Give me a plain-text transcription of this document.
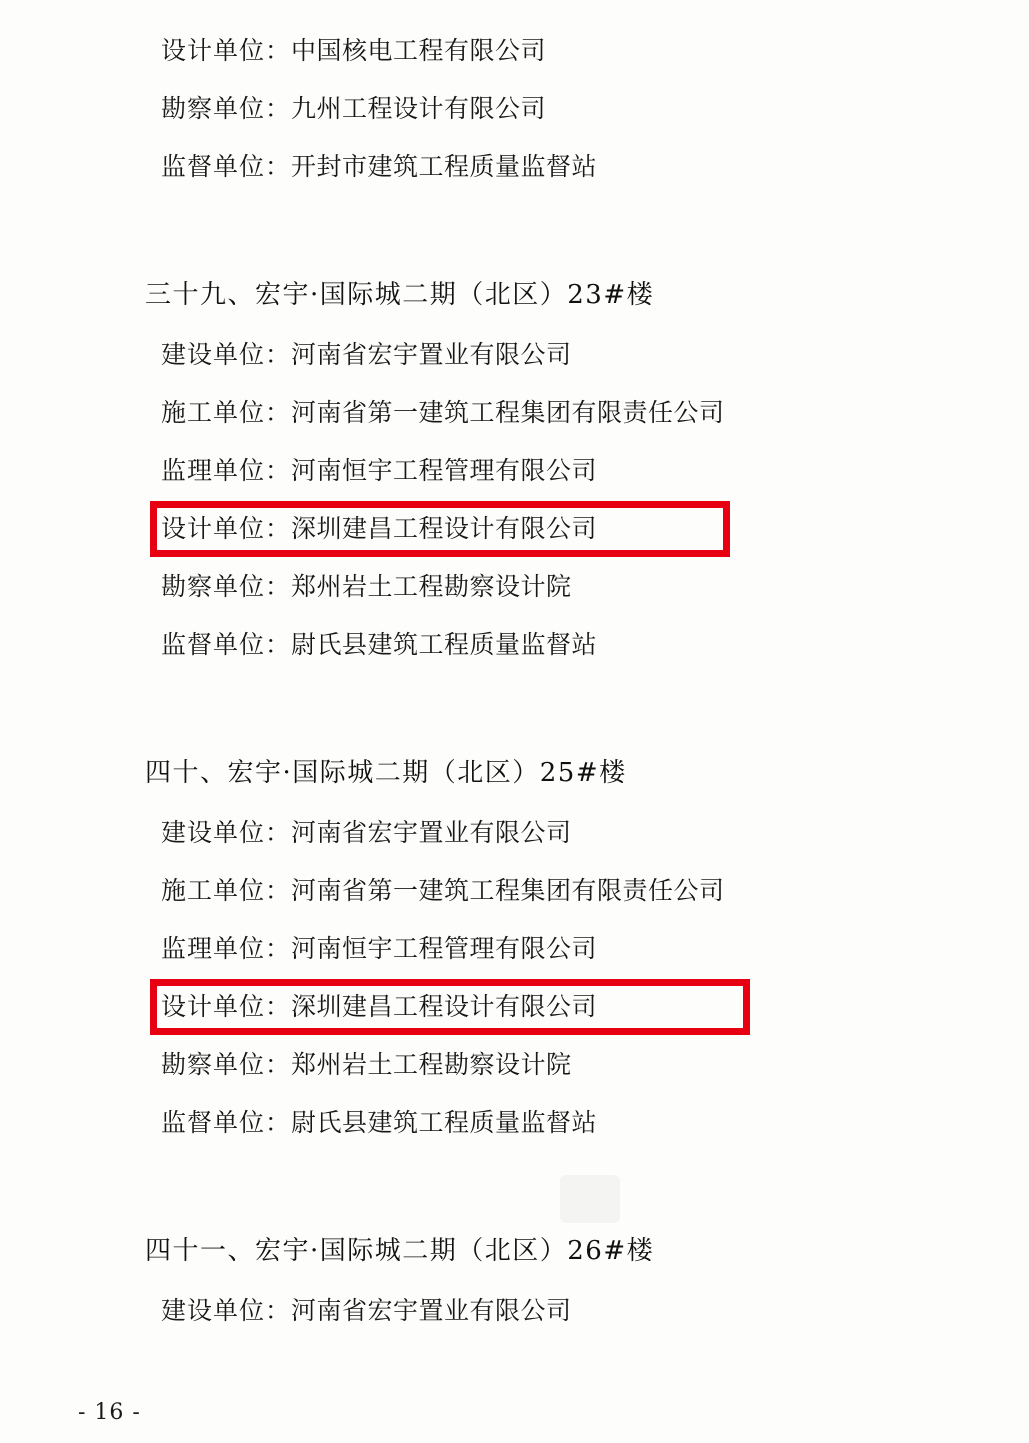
设计单位：中国核电工程有限公司
勘察单位：九州工程设计有限公司
监督单位：开封市建筑工程质量监督站
三十九、宏宇·国际城二期（北区）23#楼
建设单位：河南省宏宇置业有限公司
施工单位：河南省第一建筑工程集团有限责任公司
监理单位：河南恒宇工程管理有限公司
设计单位：深圳建昌工程设计有限公司
勘察单位：郑州岩土工程勘察设计院
监督单位：尉氏县建筑工程质量监督站
四十、宏宇·国际城二期（北区）25#楼
建设单位：河南省宏宇置业有限公司
施工单位：河南省第一建筑工程集团有限责任公司
监理单位：河南恒宇工程管理有限公司
设计单位：深圳建昌工程设计有限公司
勘察单位：郑州岩土工程勘察设计院
监督单位：尉氏县建筑工程质量监督站
四十一、宏宇·国际城二期（北区）26#楼
建设单位：河南省宏宇置业有限公司
- 16 -
